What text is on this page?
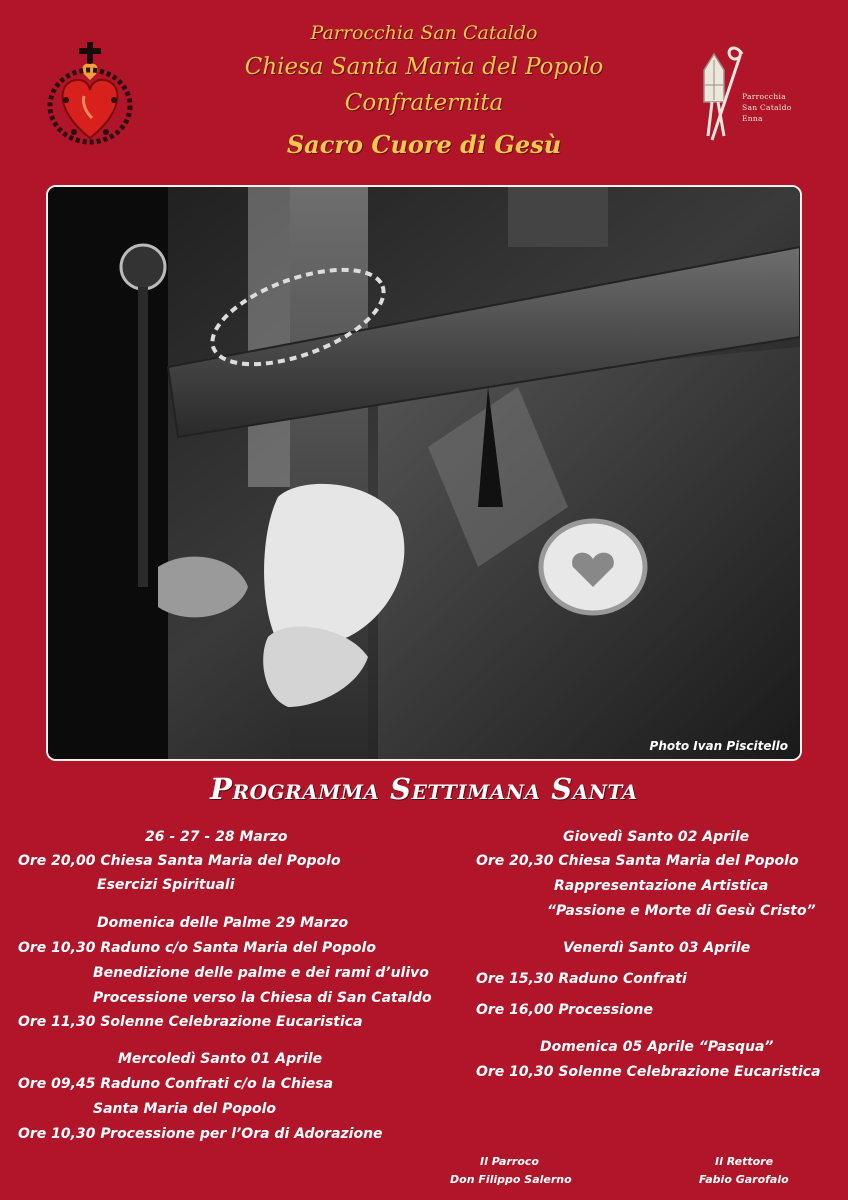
Parrocchia San Cataldo
Chiesa Santa Maria del Popolo
Confraternita
Sacro Cuore di Gesù
Parrocchia
San Cataldo
Enna
Photo Ivan Piscitello
Programma Settimana Santa
26 - 27 - 28 Marzo
Ore 20,00 Chiesa Santa Maria del Popolo
Esercizi Spirituali
Domenica delle Palme 29 Marzo
Ore 10,30 Raduno c/o Santa Maria del Popolo
Benedizione delle palme e dei rami d’ulivo
Processione verso la Chiesa di San Cataldo
Ore 11,30 Solenne Celebrazione Eucaristica
Mercoledì Santo 01 Aprile
Ore 09,45 Raduno Confrati c/o la Chiesa
Santa Maria del Popolo
Ore 10,30 Processione per l’Ora di Adorazione
Giovedì Santo 02 Aprile
Ore 20,30 Chiesa Santa Maria del Popolo
Rappresentazione Artistica
“Passione e Morte di Gesù Cristo”
Venerdì Santo 03 Aprile
Ore 15,30 Raduno Confrati
Ore 16,00 Processione
Domenica 05 Aprile “Pasqua”
Ore 10,30 Solenne Celebrazione Eucaristica
Il Parroco
Don Filippo Salerno
Il Rettore
Fabio Garofalo
